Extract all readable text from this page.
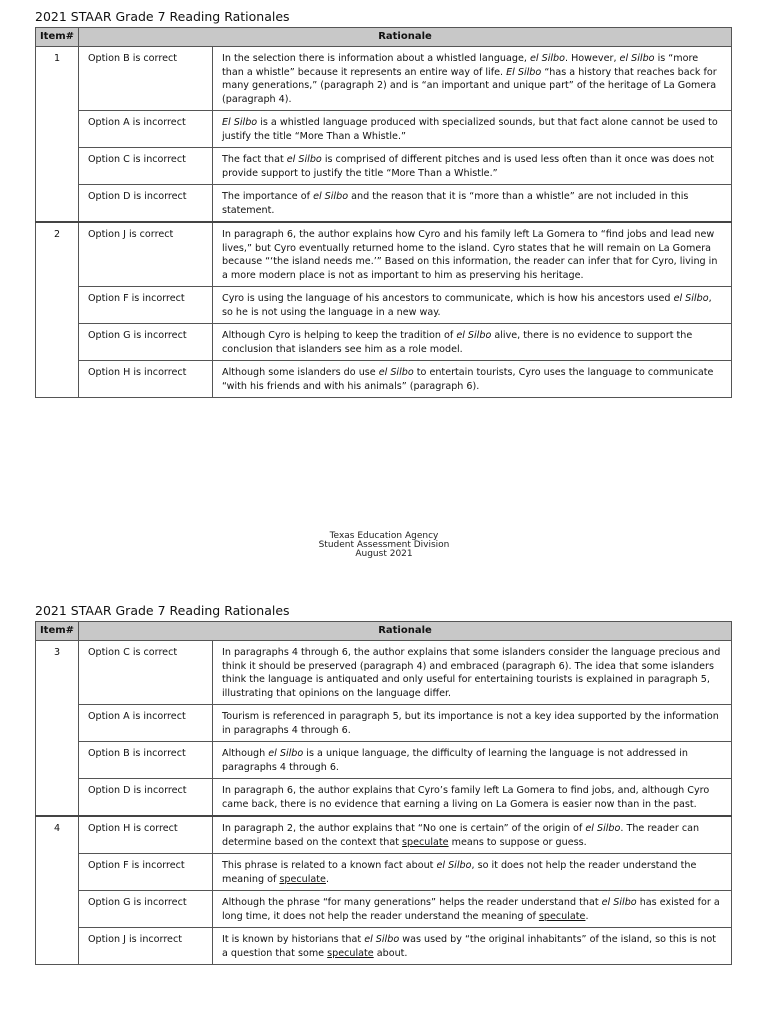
2021 STAAR Grade 7 Reading Rationales
Item#	Rationale	
1	Option B is correct	In the selection there is information about a whistled language, el Silbo. However, el Silbo is “more than a whistle” because it represents an entire way of life. El Silbo “has a history that reaches back for many generations,” (paragraph 2) and is “an important and unique part” of the heritage of La Gomera (paragraph 4).
	Option A is incorrect	El Silbo is a whistled language produced with specialized sounds, but that fact alone cannot be used to justify the title “More Than a Whistle.”
	Option C is incorrect	The fact that el Silbo is comprised of different pitches and is used less often than it once was does not provide support to justify the title “More Than a Whistle.”
	Option D is incorrect	The importance of el Silbo and the reason that it is “more than a whistle” are not included in this statement.
2	Option J is correct	In paragraph 6, the author explains how Cyro and his family left La Gomera to “find jobs and lead new lives,” but Cyro eventually returned home to the island. Cyro states that he will remain on La Gomera because “‘the island needs me.’” Based on this information, the reader can infer that for Cyro, living in a more modern place is not as important to him as preserving his heritage.
	Option F is incorrect	Cyro is using the language of his ancestors to communicate, which is how his ancestors used el Silbo, so he is not using the language in a new way.
	Option G is incorrect	Although Cyro is helping to keep the tradition of el Silbo alive, there is no evidence to support the conclusion that islanders see him as a role model.
	Option H is incorrect	Although some islanders do use el Silbo to entertain tourists, Cyro uses the language to communicate “with his friends and with his animals” (paragraph 6).
Texas Education Agency
Student Assessment Division
August 2021
2021 STAAR Grade 7 Reading Rationales
Item#	Rationale	
3	Option C is correct	In paragraphs 4 through 6, the author explains that some islanders consider the language precious and think it should be preserved (paragraph 4) and embraced (paragraph 6). The idea that some islanders think the language is antiquated and only useful for entertaining tourists is explained in paragraph 5, illustrating that opinions on the language differ.
	Option A is incorrect	Tourism is referenced in paragraph 5, but its importance is not a key idea supported by the information in paragraphs 4 through 6.
	Option B is incorrect	Although el Silbo is a unique language, the difficulty of learning the language is not addressed in paragraphs 4 through 6.
	Option D is incorrect	In paragraph 6, the author explains that Cyro’s family left La Gomera to find jobs, and, although Cyro came back, there is no evidence that earning a living on La Gomera is easier now than in the past.
4	Option H is correct	In paragraph 2, the author explains that “No one is certain” of the origin of el Silbo. The reader can determine based on the context that speculate means to suppose or guess.
	Option F is incorrect	This phrase is related to a known fact about el Silbo, so it does not help the reader understand the meaning of speculate.
	Option G is incorrect	Although the phrase “for many generations” helps the reader understand that el Silbo has existed for a long time, it does not help the reader understand the meaning of speculate.
	Option J is incorrect	It is known by historians that el Silbo was used by “the original inhabitants” of the island, so this is not a question that some speculate about.
